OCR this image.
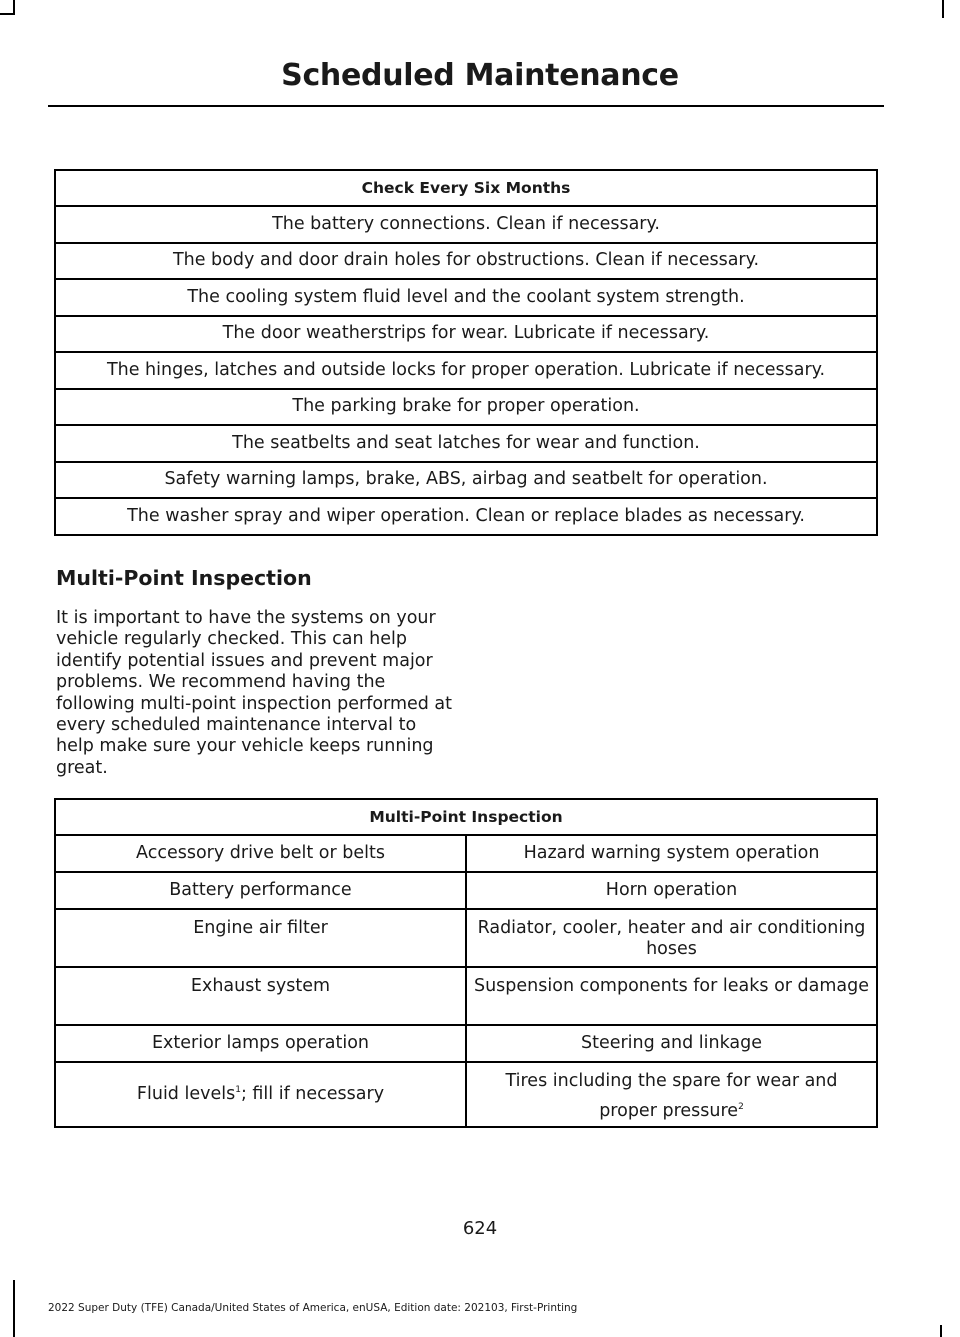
Scheduled Maintenance
Check Every Six Months
The battery connections. Clean if necessary.
The body and door drain holes for obstructions. Clean if necessary.
The cooling system fluid level and the coolant system strength.
The door weatherstrips for wear. Lubricate if necessary.
The hinges, latches and outside locks for proper operation. Lubricate if necessary.
The parking brake for proper operation.
The seatbelts and seat latches for wear and function.
Safety warning lamps, brake, ABS, airbag and seatbelt for operation.
The washer spray and wiper operation. Clean or replace blades as necessary.
Multi-Point Inspection

It is important to have the systems on your vehicle regularly checked. This can help identify potential issues and prevent major problems. We recommend having the following multi-point inspection performed at every scheduled maintenance interval to help make sure your vehicle keeps running great.

Multi-Point Inspection	
Accessory drive belt or belts	Hazard warning system operation
Battery performance	Horn operation
Engine air filter	Radiator, cooler, heater and air conditioning hoses
Exhaust system	Suspension components for leaks or damage
Exterior lamps operation	Steering and linkage
Fluid levels$^1$; fill if necessary	Tires including the spare for wear and
proper pressure$^2$
624
2022 Super Duty (TFE) Canada/United States of America, enUSA, Edition date: 202103, First-Printing
